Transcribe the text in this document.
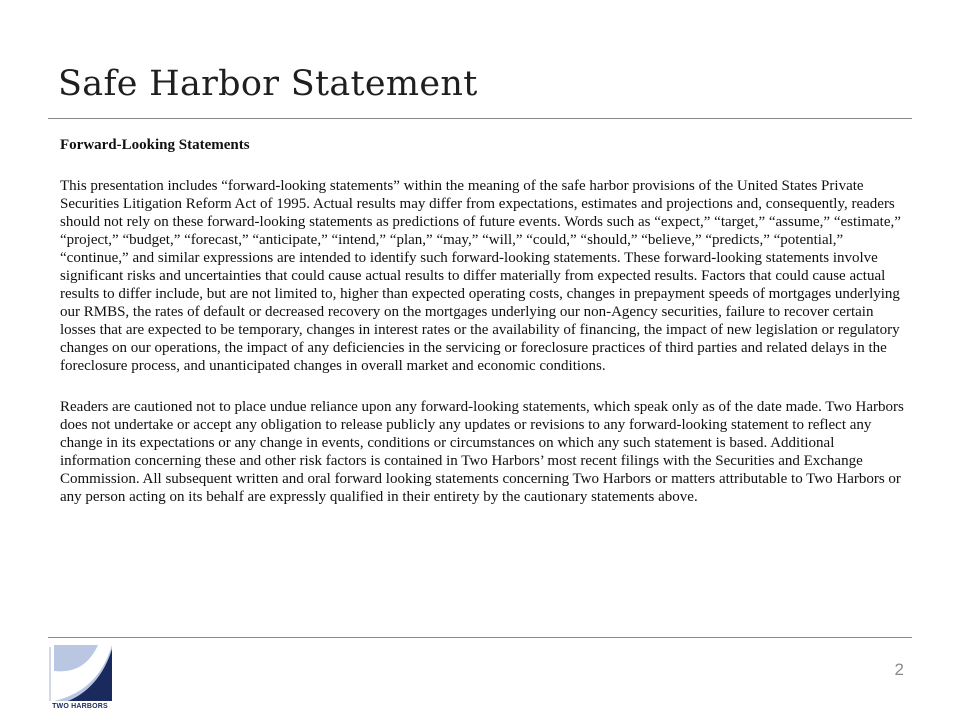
Safe Harbor Statement

Forward-Looking Statements

This presentation includes “forward-looking statements” within the meaning of the safe harbor provisions of the United States Private Securities Litigation Reform Act of 1995. Actual results may differ from expectations, estimates and projections and, consequently, readers should not rely on these forward-looking statements as predictions of future events. Words such as “expect,” “target,” “assume,” “estimate,” “project,” “budget,” “forecast,” “anticipate,” “intend,” “plan,” “may,” “will,” “could,” “should,” “believe,” “predicts,” “potential,” “continue,” and similar expressions are intended to identify such forward-looking statements. These forward-looking statements involve significant risks and uncertainties that could cause actual results to differ materially from expected results. Factors that could cause actual results to differ include, but are not limited to, higher than expected operating costs, changes in prepayment speeds of mortgages underlying our RMBS, the rates of default or decreased recovery on the mortgages underlying our non-Agency securities, failure to recover certain losses that are expected to be temporary, changes in interest rates or the availability of financing, the impact of new legislation or regulatory changes on our operations, the impact of any deficiencies in the servicing or foreclosure practices of third parties and related delays in the foreclosure process, and unanticipated changes in overall market and economic conditions.

Readers are cautioned not to place undue reliance upon any forward-looking statements, which speak only as of the date made. Two Harbors does not undertake or accept any obligation to release publicly any updates or revisions to any forward-looking statement to reflect any change in its expectations or any change in events, conditions or circumstances on which any such statement is based. Additional information concerning these and other risk factors is contained in Two Harbors’ most recent filings with the Securities and Exchange Commission. All subsequent written and oral forward looking statements concerning Two Harbors or matters attributable to Two Harbors or any person acting on its behalf are expressly qualified in their entirety by the cautionary statements above.

TWO HARBORS
2
